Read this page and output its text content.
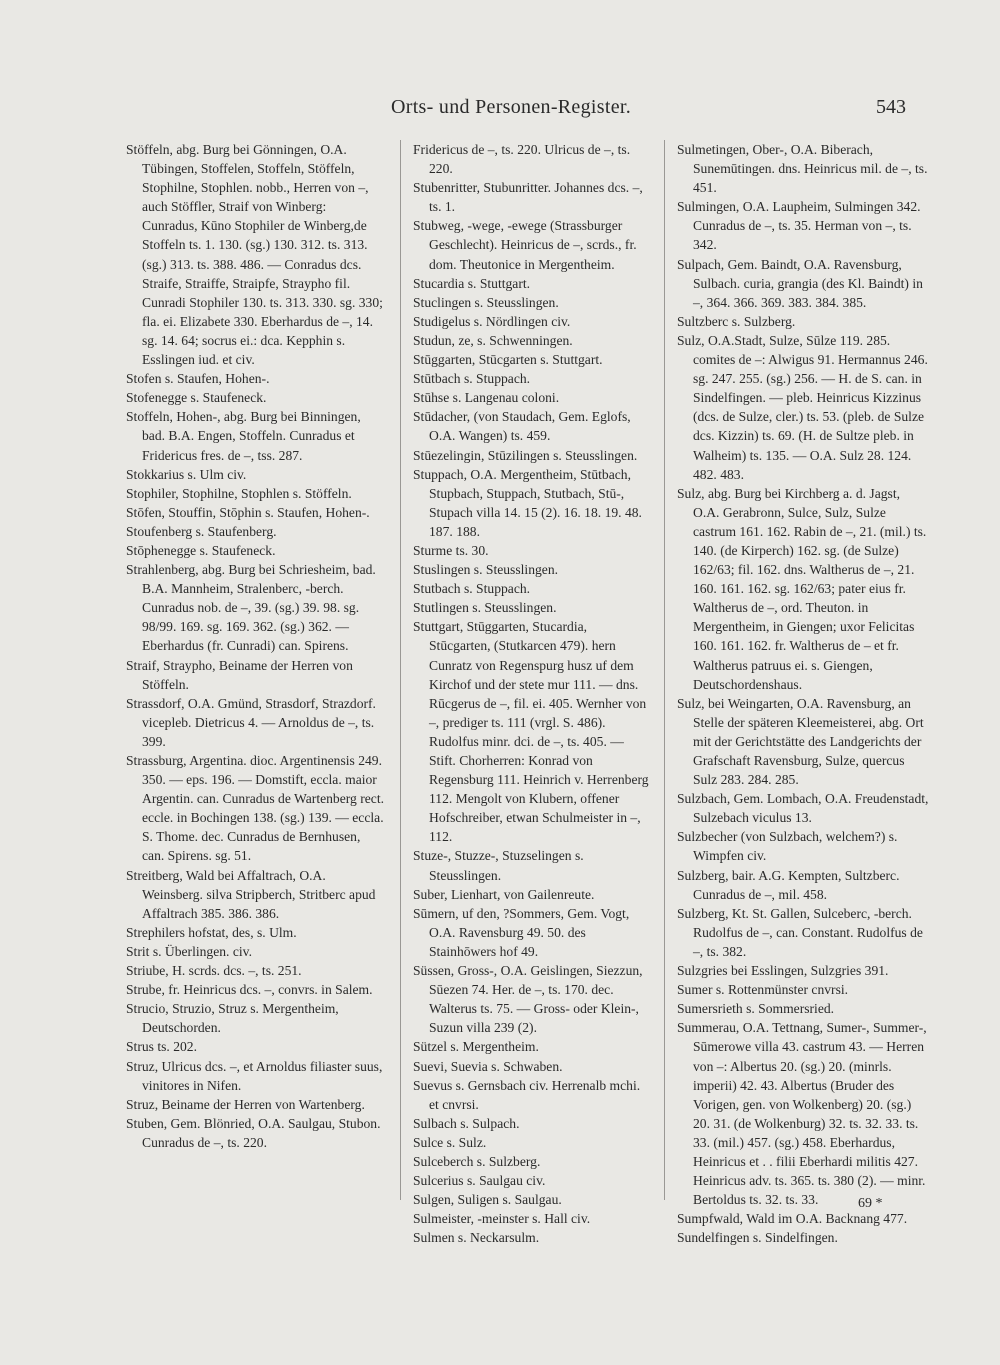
Orts- und Personen-Register.	543

Stöffeln, abg. Burg bei Gönningen, O.A. Tübingen, Stoffelen, Stoffeln, Stöffeln, Stophilne, Stophlen. nobb., Herren von –, auch Stöffler, Straif von Winberg: Cunradus, Kūno Stophiler de Winberg,de Stoffeln ts. 1. 130. (sg.) 130. 312. ts. 313. (sg.) 313. ts. 388. 486. — Conradus dcs. Straife, Straiffe, Straipfe, Straypho fil. Cunradi Stophiler 130. ts. 313. 330. sg. 330; fla. ei. Elizabete 330. Eberhardus de –, 14. sg. 14. 64; socrus ei.: dca. Kepphin s. Esslingen iud. et civ.

Stofen s. Staufen, Hohen-.

Stofenegge s. Staufeneck.

Stoffeln, Hohen-, abg. Burg bei Binningen, bad. B.A. Engen, Stoffeln. Cunradus et Fridericus fres. de –, tss. 287.

Stokkarius s. Ulm civ.

Stophiler, Stophilne, Stophlen s. Stöffeln.

Stōfen, Stouffin, Stōphin s. Staufen, Hohen-.

Stoufenberg s. Staufenberg.

Stōphenegge s. Staufeneck.

Strahlenberg, abg. Burg bei Schriesheim, bad. B.A. Mannheim, Stralenberc, -berch. Cunradus nob. de –, 39. (sg.) 39. 98. sg. 98/99. 169. sg. 169. 362. (sg.) 362. — Eberhardus (fr. Cunradi) can. Spirens.

Straif, Straypho, Beiname der Herren von Stöffeln.

Strassdorf, O.A. Gmünd, Strasdorf, Strazdorf. vicepleb. Dietricus 4. — Arnoldus de –, ts. 399.

Strassburg, Argentina. dioc. Argentinensis 249. 350. — eps. 196. — Domstift, eccla. maior Argentin. can. Cunradus de Wartenberg rect. eccle. in Bochingen 138. (sg.) 139. — eccla. S. Thome. dec. Cunradus de Bernhusen, can. Spirens. sg. 51.

Streitberg, Wald bei Affaltrach, O.A. Weinsberg. silva Stripberch, Stritberc apud Affaltrach 385. 386. 386.

Strephilers hofstat, des, s. Ulm.

Strit s. Überlingen. civ.

Striube, H. scrds. dcs. –, ts. 251.

Strube, fr. Heinricus dcs. –, convrs. in Salem.

Strucio, Struzio, Struz s. Mergentheim, Deutschorden.

Strus ts. 202.

Struz, Ulricus dcs. –, et Arnoldus filiaster suus, vinitores in Nifen.

Struz, Beiname der Herren von Wartenberg.

Stuben, Gem. Blönried, O.A. Saulgau, Stubon. Cunradus de –, ts. 220.

Fridericus de –, ts. 220. Ulricus de –, ts. 220.

Stubenritter, Stubunritter. Johannes dcs. –, ts. 1.

Stubweg, -wege, -ewege (Strassburger Geschlecht). Heinricus de –, scrds., fr. dom. Theutonice in Mergentheim.

Stucardia s. Stuttgart.

Stuclingen s. Steusslingen.

Studigelus s. Nördlingen civ.

Studun, ze, s. Schwenningen.

Stūggarten, Stūcgarten s. Stuttgart.

Stūtbach s. Stuppach.

Stūhse s. Langenau coloni.

Stūdacher, (von Staudach, Gem. Eglofs, O.A. Wangen) ts. 459.

Stūezelingin, Stūzilingen s. Steusslingen.

Stuppach, O.A. Mergentheim, Stūtbach, Stupbach, Stuppach, Stutbach, Stū-, Stupach villa 14. 15 (2). 16. 18. 19. 48. 187. 188.

Sturme ts. 30.

Stuslingen s. Steusslingen.

Stutbach s. Stuppach.

Stutlingen s. Steusslingen.

Stuttgart, Stūggarten, Stucardia, Stūcgarten, (Stutkarcen 479). hern Cunratz von Regenspurg husz uf dem Kirchof und der stete mur 111. — dns. Rūcgerus de –, fil. ei. 405. Wernher von –, prediger ts. 111 (vrgl. S. 486). Rudolfus minr. dci. de –, ts. 405. — Stift. Chorherren: Konrad von Regensburg 111. Heinrich v. Herrenberg 112. Mengolt von Klubern, offener Hofschreiber, etwan Schulmeister in –, 112.

Stuze-, Stuzze-, Stuzselingen s. Steusslingen.

Suber, Lienhart, von Gailenreute.

Sūmern, uf den, ?Sommers, Gem. Vogt, O.A. Ravensburg 49. 50. des Stainhōwers hof 49.

Süssen, Gross-, O.A. Geislingen, Siezzun, Sūezen 74. Her. de –, ts. 170. dec. Walterus ts. 75. — Gross- oder Klein-, Suzun villa 239 (2).

Sützel s. Mergentheim.

Suevi, Suevia s. Schwaben.

Suevus s. Gernsbach civ. Herrenalb mchi. et cnvrsi.

Sulbach s. Sulpach.

Sulce s. Sulz.

Sulceberch s. Sulzberg.

Sulcerius s. Saulgau civ.

Sulgen, Suligen s. Saulgau.

Sulmeister, -meinster s. Hall civ.

Sulmen s. Neckarsulm.

Sulmetingen, Ober-, O.A. Biberach, Sunemūtingen. dns. Heinricus mil. de –, ts. 451.

Sulmingen, O.A. Laupheim, Sulmingen 342. Cunradus de –, ts. 35. Herman von –, ts. 342.

Sulpach, Gem. Baindt, O.A. Ravensburg, Sulbach. curia, grangia (des Kl. Baindt) in –, 364. 366. 369. 383. 384. 385.

Sultzberc s. Sulzberg.

Sulz, O.A.Stadt, Sulze, Sūlze 119. 285. comites de –: Alwigus 91. Hermannus 246. sg. 247. 255. (sg.) 256. — H. de S. can. in Sindelfingen. — pleb. Heinricus Kizzinus (dcs. de Sulze, cler.) ts. 53. (pleb. de Sulze dcs. Kizzin) ts. 69. (H. de Sultze pleb. in Walheim) ts. 135. — O.A. Sulz 28. 124. 482. 483.

Sulz, abg. Burg bei Kirchberg a. d. Jagst, O.A. Gerabronn, Sulce, Sulz, Sulze castrum 161. 162. Rabin de –, 21. (mil.) ts. 140. (de Kirperch) 162. sg. (de Sulze) 162/63; fil. 162. dns. Waltherus de –, 21. 160. 161. 162. sg. 162/63; pater eius fr. Waltherus de –, ord. Theuton. in Mergentheim, in Giengen; uxor Felicitas 160. 161. 162. fr. Waltherus de – et fr. Waltherus patruus ei. s. Giengen, Deutschordenshaus.

Sulz, bei Weingarten, O.A. Ravensburg, an Stelle der späteren Kleemeisterei, abg. Ort mit der Gerichtstätte des Landgerichts der Grafschaft Ravensburg, Sulze, quercus Sulz 283. 284. 285.

Sulzbach, Gem. Lombach, O.A. Freudenstadt, Sulzebach viculus 13.

Sulzbecher (von Sulzbach, welchem?) s. Wimpfen civ.

Sulzberg, bair. A.G. Kempten, Sultzberc. Cunradus de –, mil. 458.

Sulzberg, Kt. St. Gallen, Sulceberc, -berch. Rudolfus de –, can. Constant. Rudolfus de –, ts. 382.

Sulzgries bei Esslingen, Sulzgries 391.

Sumer s. Rottenmünster cnvrsi.

Sumersrieth s. Sommersried.

Summerau, O.A. Tettnang, Sumer-, Summer-, Sūmerowe villa 43. castrum 43. — Herren von –: Albertus 20. (sg.) 20. (minrls. imperii) 42. 43. Albertus (Bruder des Vorigen, gen. von Wolkenberg) 20. (sg.) 20. 31. (de Wolkenburg) 32. ts. 32. 33. ts. 33. (mil.) 457. (sg.) 458. Eberhardus, Heinricus et . . filii Eberhardi militis 427. Heinricus adv. ts. 365. ts. 380 (2). — minr. Bertoldus ts. 32. ts. 33.

Sumpfwald, Wald im O.A. Backnang 477.

Sundelfingen s. Sindelfingen.

69 *
